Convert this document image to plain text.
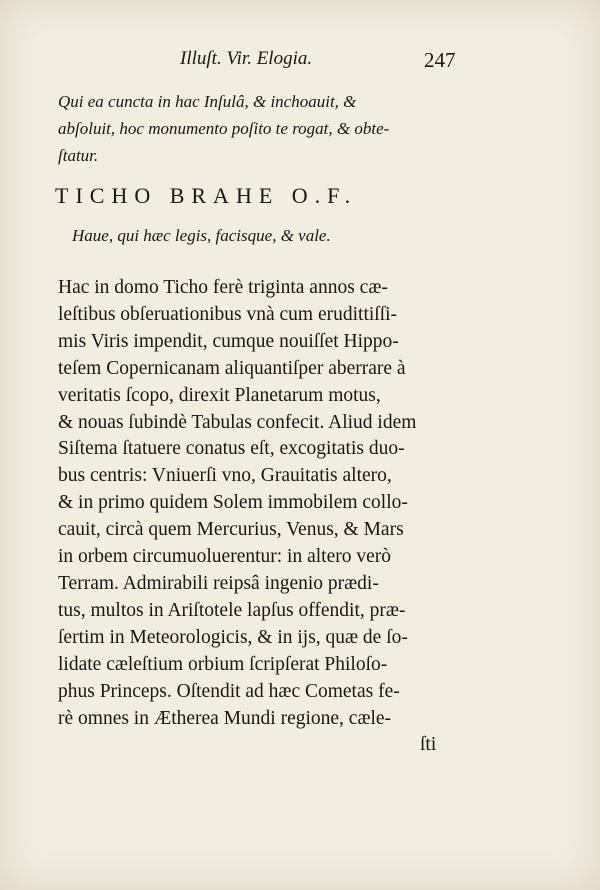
Illuſt. Vir. Elogia.	247
Qui ea cuncta in hac Inſulâ, & inchoauit, &
abſoluit, hoc monumento poſito te rogat, & obte-
ſtatur.
TICHO BRAHE O.F.
Haue, qui hæc legis, facisque, & vale.
Hac in domo Ticho ferè triginta annos cæ-
leſtibus obſeruationibus vnà cum erudittiſſi-
mis Viris impendit, cumque nouiſſet Hippo-
teſem Copernicanam aliquantiſper aberrare à
veritatis ſcopo, direxit Planetarum motus,
& nouas ſubindè Tabulas confecit. Aliud idem
Siſtema ſtatuere conatus eſt, excogitatis duo-
bus centris: Vniuerſi vno, Grauitatis altero,
& in primo quidem Solem immobilem collo-
cauit, circà quem Mercurius, Venus, & Mars
in orbem circumuoluerentur: in altero verò
Terram. Admirabili reipsâ ingenio prædi-
tus, multos in Ariſtotele lapſus offendit, præ-
ſertim in Meteorologicis, & in ijs, quæ de ſo-
lidate cæleſtium orbium ſcripſerat Philoſo-
phus Princeps. Oſtendit ad hæc Cometas fe-
rè omnes in Ætherea Mundi regione, cæle-
ſti
